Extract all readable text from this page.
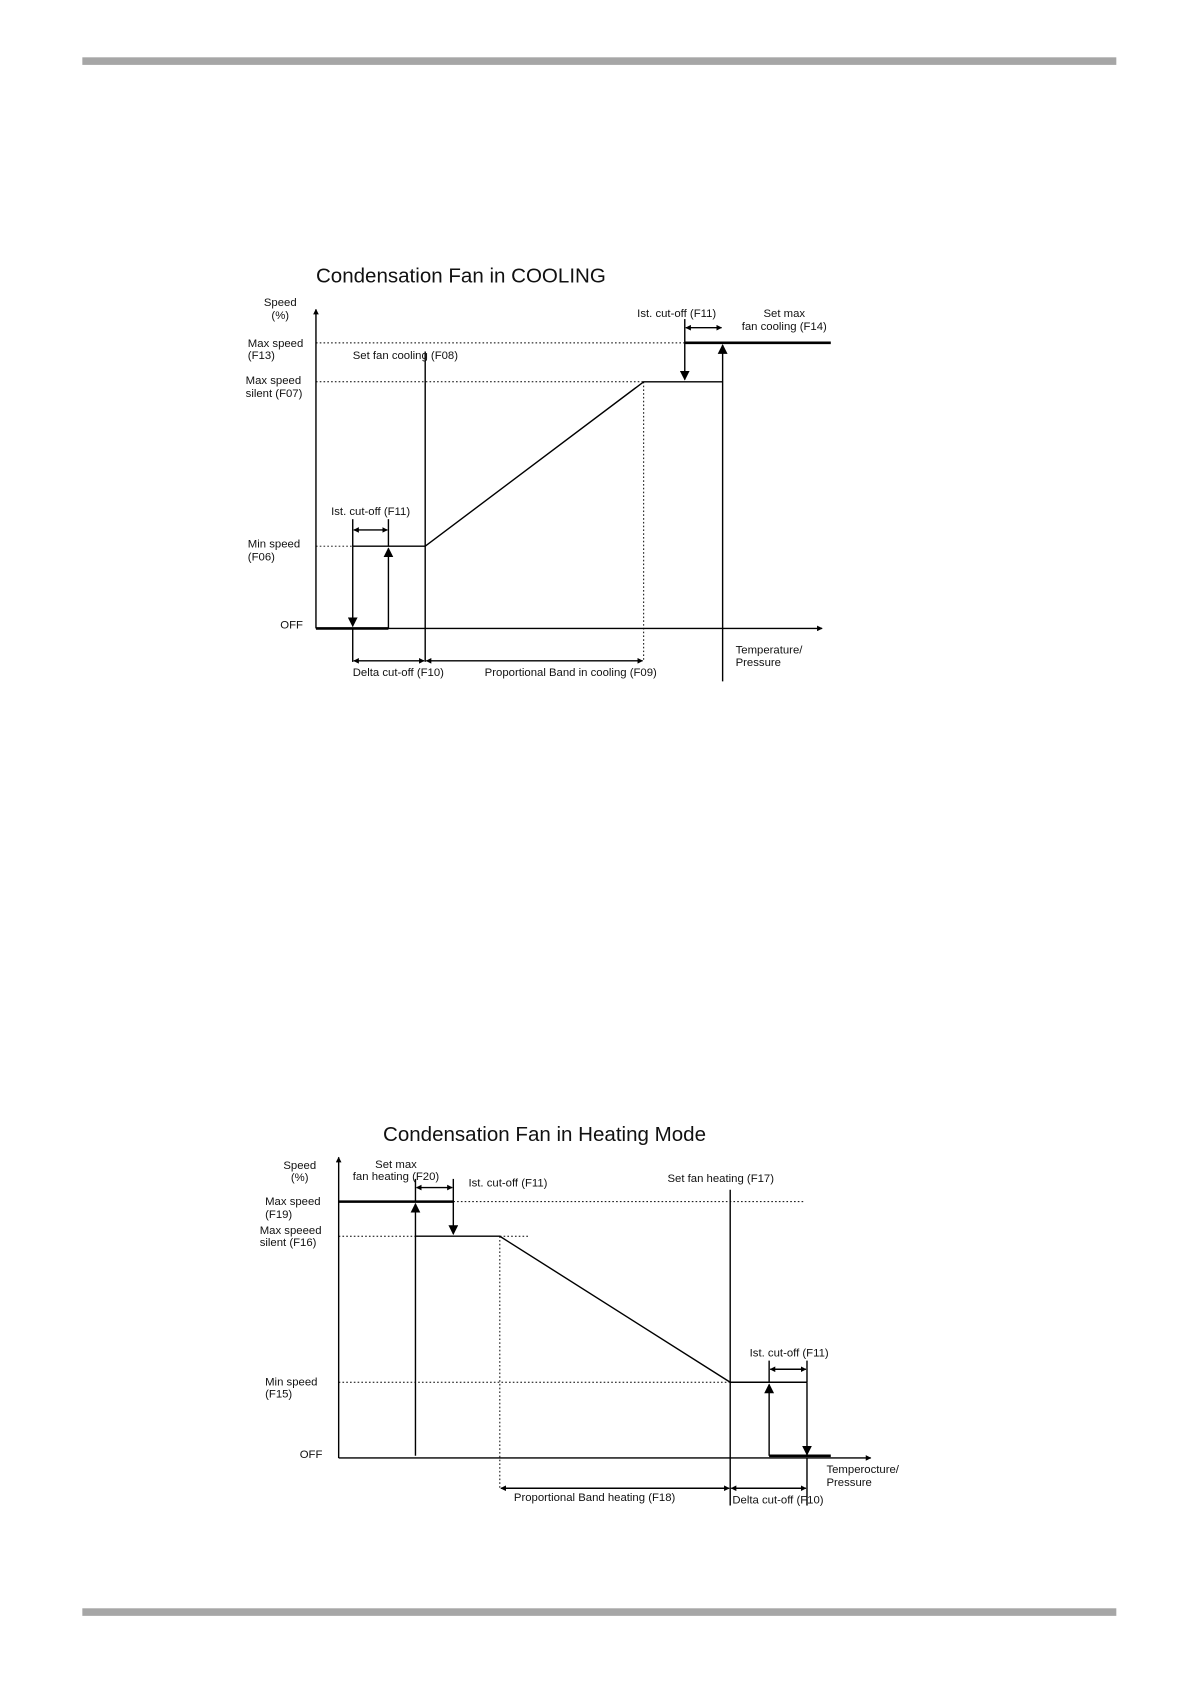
Condensation Fan in COOLING
Speed
(%)
Max speed
(F13)
Max speed
silent (F07)
Min speed
(F06)
OFF
Set fan cooling (F08)
Ist. cut-off (F11)
Ist. cut-off (F11)	Set max
fan cooling (F14)
Delta cut-off (F10)	Proportional Band in cooling (F09)
Temperature/
Pressure
Condensation Fan in Heating Mode
Speed
(%)
Max speed
(F19)
Max speeed
silent (F16)
Min speed
(F15)
OFF
Set max
fan heating (F20)
Ist. cut-off (F11)	Set fan heating (F17)
Ist. cut-off (F11)
Proportional Band heating (F18)	Delta cut-off (F10)
Temperocture/
Pressure
